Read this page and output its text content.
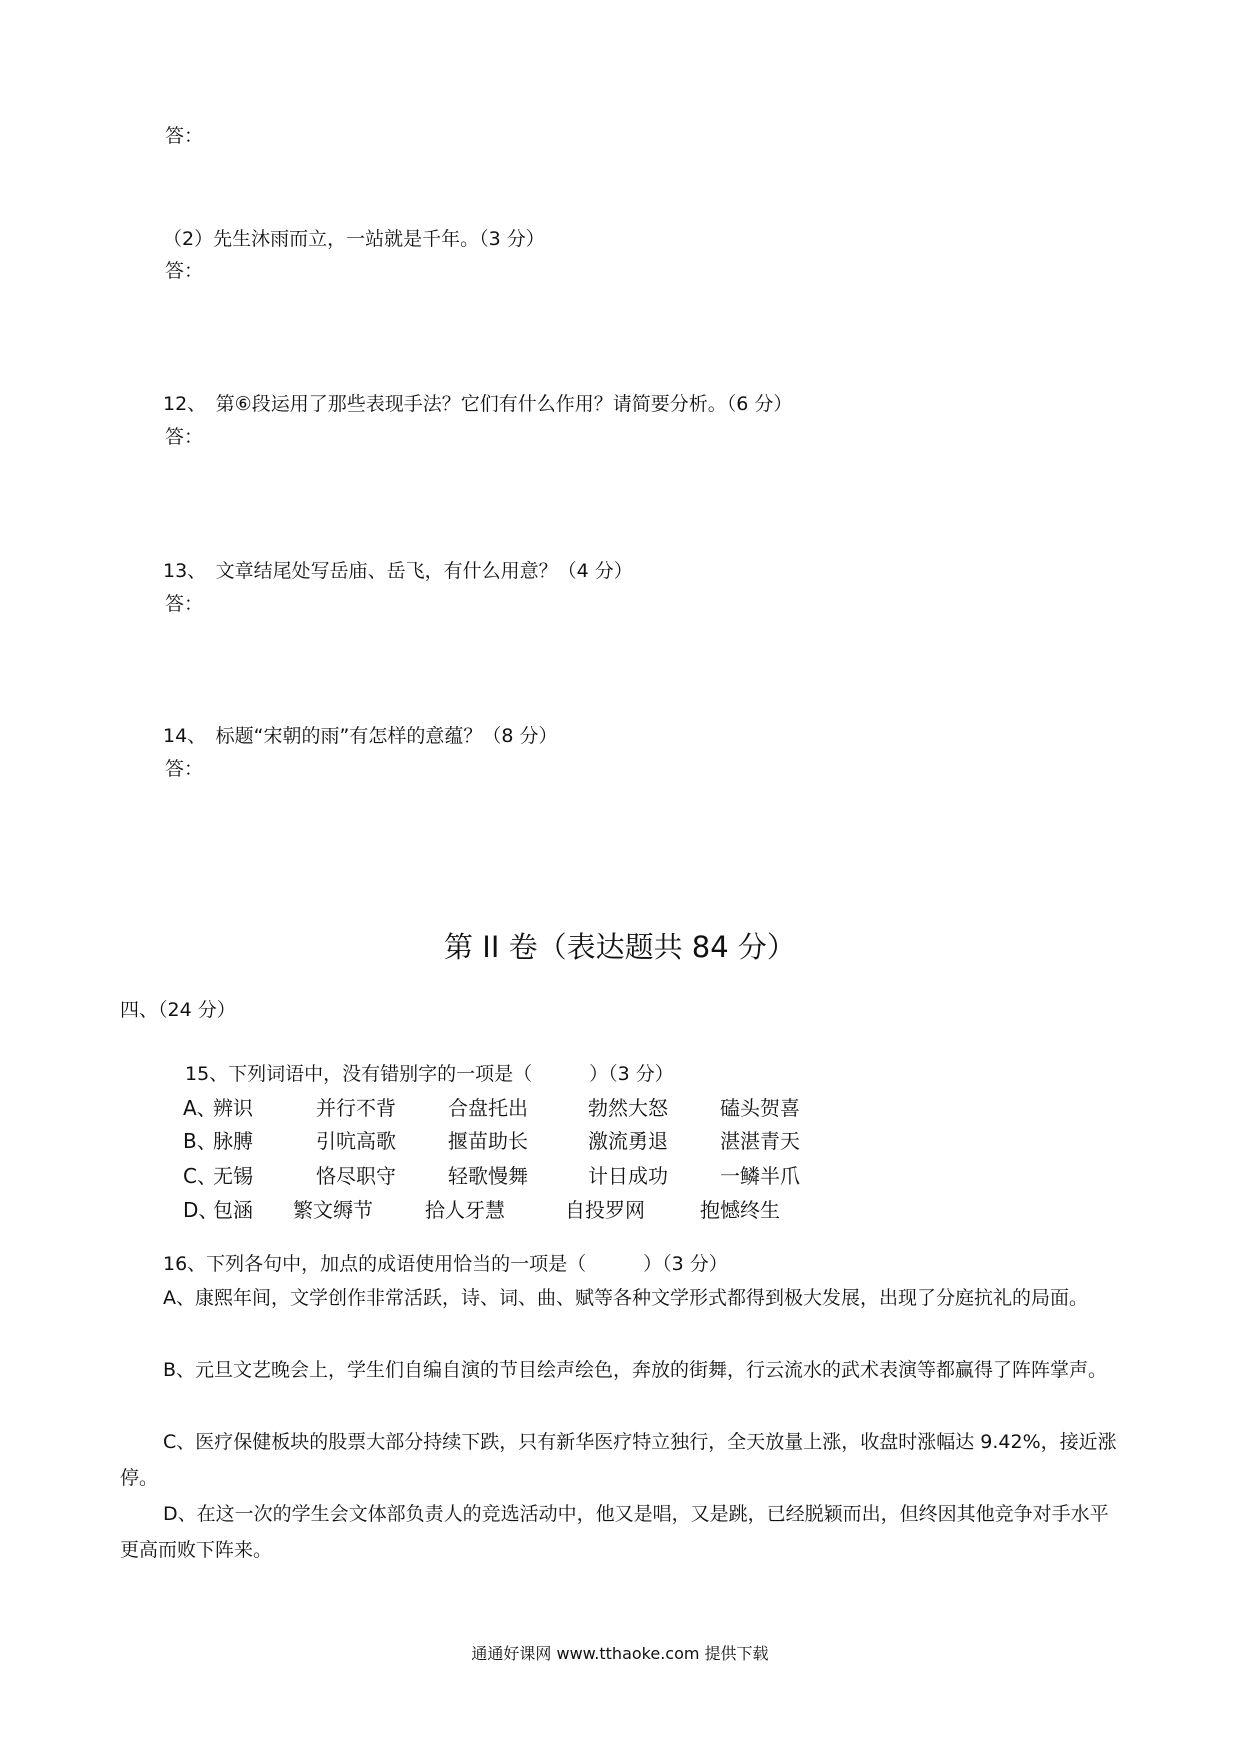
答：
（2）先生沐雨而立，一站就是千年。（3 分）
答：
12、　第⑥段运用了那些表现手法？它们有什么作用？请简要分析。（6 分）
答：
13、　文章结尾处写岳庙、岳飞，有什么用意？（4 分）
答：
14、　标题“宋朝的雨”有怎样的意蕴？（8 分）
答：
第 II 卷（表达题共 84 分）
四、（24 分）
15、下列词语中，没有错别字的一项是（　　　）（3 分）
A、
辨识	并行不背	合盘托出	勃然大怒	磕头贺喜
B、
脉膊	引吭高歌	揠苗助长	激流勇退	湛湛青天
C、
无锡	恪尽职守	轻歌慢舞	计日成功	一鳞半爪
D、
包涵 繁文缛节	拾人牙慧	自投罗网	抱憾终生
16、下列各句中，加点的成语使用恰当的一项是（　　　）（3 分）
A、康熙年间，文学创作非常活跃，诗、词、曲、赋等各种文学形式都得到极大发展，出现了分庭抗礼的局面。
B、元旦文艺晚会上，学生们自编自演的节目绘声绘色，奔放的街舞，行云流水的武术表演等都赢得了阵阵掌声。
C、医疗保健板块的股票大部分持续下跌，只有新华医疗特立独行，全天放量上涨，收盘时涨幅达 9.42%，接近涨停。
D、在这一次的学生会文体部负责人的竞选活动中，他又是唱，又是跳，已经脱颖而出，但终因其他竞争对手水平更高而败下阵来。
通通好课网 www.tthaoke.com 提供下载
